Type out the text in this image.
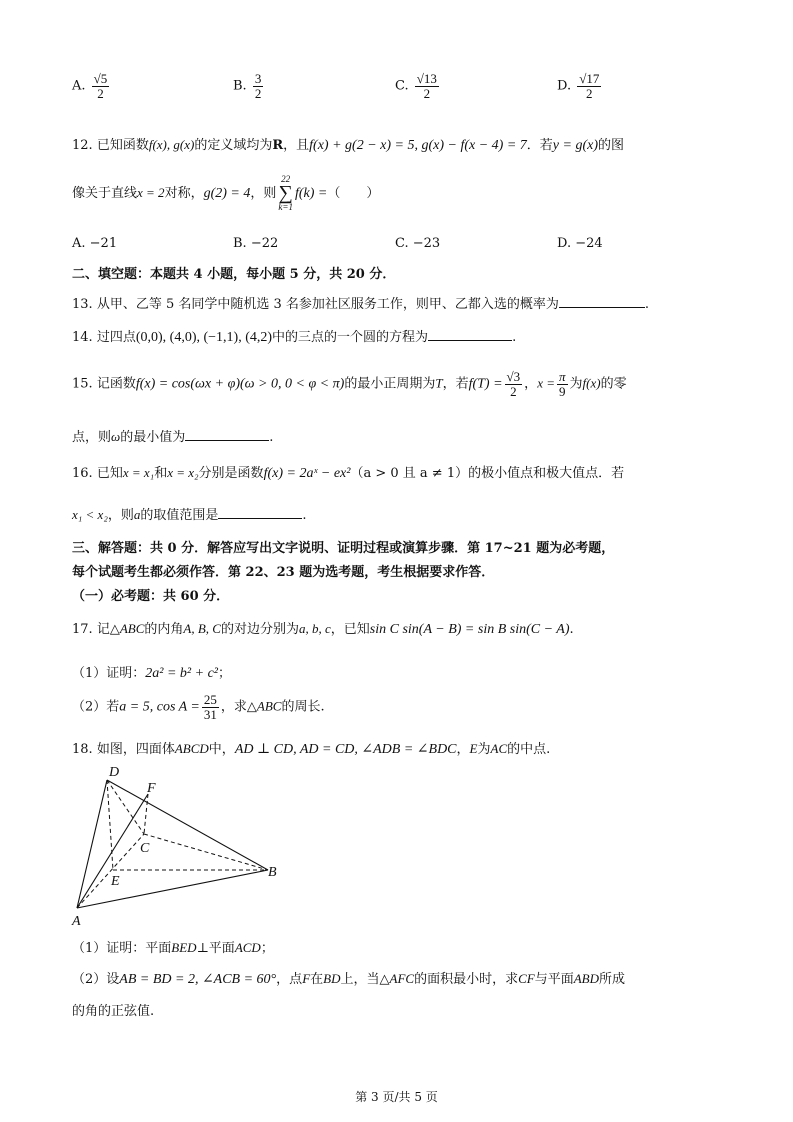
A. $\frac{√5}{2}$	B. $\frac{3}{2}$	C. $\frac{√13}{2}$	D. $\frac{√17}{2}$
12. 已知函数f(x), g(x)的定义域均为R，且f(x) + g(2 − x) = 5, g(x) − f(x − 4) = 7．若y = g(x)的图
像关于直线x = 2对称，g(2) = 4，则22
∑
k=1f(k) =（　　）
A. −21	B. −22	C. −23	D. −24
二、填空题：本题共 4 小题，每小题 5 分，共 20 分．
13. 从甲、乙等 5 名同学中随机选 3 名参加社区服务工作，则甲、乙都入选的概率为	.
14. 过四点(0,0), (4,0), (−1,1), (4,2)中的三点的一个圆的方程为	.
15. 记函数f(x) = cos(ωx + φ)(ω > 0, 0 < φ < π)的最小正周期为T，若$f(T) = \frac{√3}{2}$ ，$x = \frac{\pi}{9}$ 为f(x)的零
点，则ω的最小值为	.
16. 已知x = x₁和x = x₂分别是函数f(x) = 2aˣ − ex²（a > 0 且 a ≠ 1）的极小值点和极大值点．若
x₁ < x₂，则a的取值范围是	.
三、解答题：共 0 分．解答应写出文字说明、证明过程或演算步骤．第 17~21 题为必考题，
每个试题考生都必须作答．第 22、23 题为选考题，考生根据要求作答．
（一）必考题：共 60 分．
17. 记△ABC的内角A, B, C的对边分别为a, b, c，已知sin C sin(A − B) = sin B sin(C − A).
（1）证明：2a² = b² + c²；
（2）若a = 5, $\cos A = \frac{25}{31}$ ，求△ABC的周长.
18. 如图，四面体ABCD中，AD ⊥ CD, AD = CD, ∠ADB = ∠BDC，E为AC的中点.
D
F
C
E
B
A
（1）证明：平面BED⊥平面ACD；
（2）设AB = BD = 2, ∠ACB = 60°，点F在BD上，当△AFC的面积最小时，求CF与平面ABD所成
的角的正弦值.
第 3 页/共 5 页
